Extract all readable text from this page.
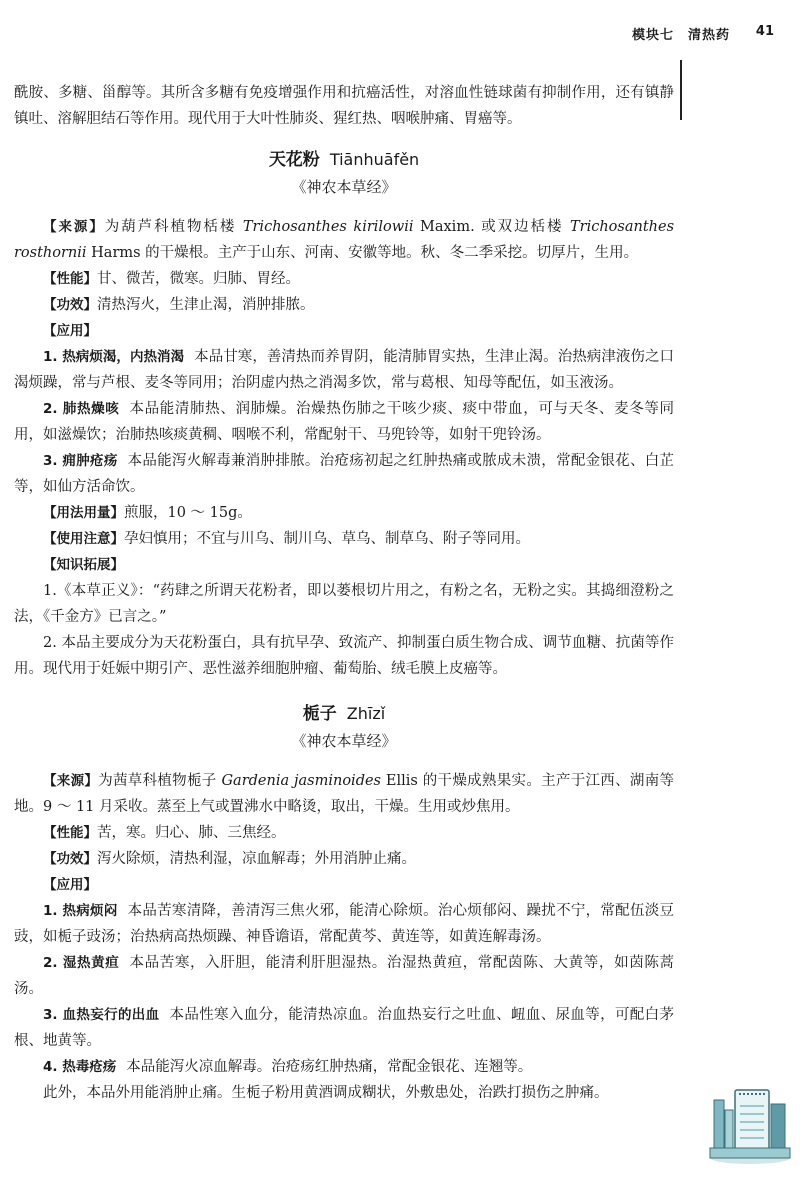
模块七　清热药 41

酰胺、多糖、甾醇等。其所含多糖有免疫增强作用和抗癌活性，对溶血性链球菌有抑制作用，还有镇静镇吐、溶解胆结石等作用。现代用于大叶性肺炎、猩红热、咽喉肿痛、胃癌等。

天花粉 Tiānhuāfěn
《神农本草经》

【来源】为葫芦科植物栝楼 Trichosanthes kirilowii Maxim. 或双边栝楼 Trichosanthes rosthornii Harms 的干燥根。主产于山东、河南、安徽等地。秋、冬二季采挖。切厚片，生用。

【性能】甘、微苦，微寒。归肺、胃经。

【功效】清热泻火，生津止渴，消肿排脓。

【应用】

1. 热病烦渴，内热消渴 本品甘寒，善清热而养胃阴，能清肺胃实热，生津止渴。治热病津液伤之口渴烦躁，常与芦根、麦冬等同用；治阴虚内热之消渴多饮，常与葛根、知母等配伍，如玉液汤。

2. 肺热燥咳 本品能清肺热、润肺燥。治燥热伤肺之干咳少痰、痰中带血，可与天冬、麦冬等同用，如滋燥饮；治肺热咳痰黄稠、咽喉不利，常配射干、马兜铃等，如射干兜铃汤。

3. 痈肿疮疡 本品能泻火解毒兼消肿排脓。治疮疡初起之红肿热痛或脓成未溃，常配金银花、白芷等，如仙方活命饮。

【用法用量】煎服，10 ～ 15g。

【使用注意】孕妇慎用；不宜与川乌、制川乌、草乌、制草乌、附子等同用。

【知识拓展】

1.《本草正义》：“药肆之所谓天花粉者，即以蒌根切片用之，有粉之名，无粉之实。其捣细澄粉之法，《千金方》已言之。”

2. 本品主要成分为天花粉蛋白，具有抗早孕、致流产、抑制蛋白质生物合成、调节血糖、抗菌等作用。现代用于妊娠中期引产、恶性滋养细胞肿瘤、葡萄胎、绒毛膜上皮癌等。

栀子 Zhīzǐ
《神农本草经》

【来源】为茜草科植物栀子 Gardenia jasminoides Ellis 的干燥成熟果实。主产于江西、湖南等地。9 ～ 11 月采收。蒸至上气或置沸水中略烫，取出，干燥。生用或炒焦用。

【性能】苦，寒。归心、肺、三焦经。

【功效】泻火除烦，清热利湿，凉血解毒；外用消肿止痛。

【应用】

1. 热病烦闷 本品苦寒清降，善清泻三焦火邪，能清心除烦。治心烦郁闷、躁扰不宁，常配伍淡豆豉，如栀子豉汤；治热病高热烦躁、神昏谵语，常配黄芩、黄连等，如黄连解毒汤。

2. 湿热黄疸 本品苦寒，入肝胆，能清利肝胆湿热。治湿热黄疸，常配茵陈、大黄等，如茵陈蒿汤。

3. 血热妄行的出血 本品性寒入血分，能清热凉血。治血热妄行之吐血、衄血、尿血等，可配白茅根、地黄等。

4. 热毒疮疡 本品能泻火凉血解毒。治疮疡红肿热痛，常配金银花、连翘等。

此外，本品外用能消肿止痛。生栀子粉用黄酒调成糊状，外敷患处，治跌打损伤之肿痛。
